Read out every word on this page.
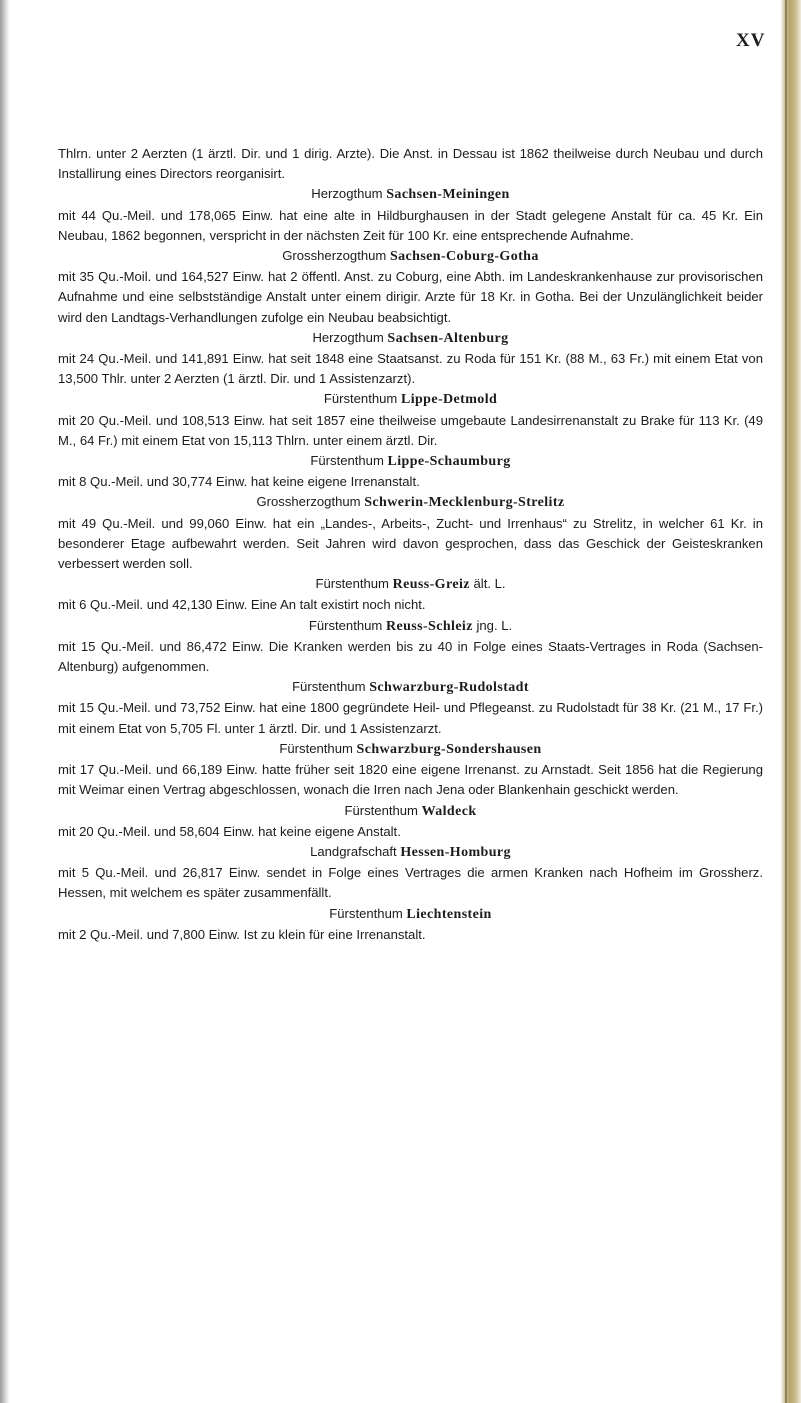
XV

Thlrn. unter 2 Aerzten (1 ärztl. Dir. und 1 dirig. Arzte). Die Anst. in Dessau ist 1862 theilweise durch Neubau und durch Installirung eines Directors reorganisirt.

Herzogthum Sachsen-Meiningen

mit 44 Qu.-Meil. und 178,065 Einw. hat eine alte in Hildburghausen in der Stadt gelegene Anstalt für ca. 45 Kr. Ein Neubau, 1862 begonnen, verspricht in der nächsten Zeit für 100 Kr. eine entsprechende Aufnahme.

Grossherzogthum Sachsen-Coburg-Gotha

mit 35 Qu.-Moil. und 164,527 Einw. hat 2 öffentl. Anst. zu Coburg, eine Abth. im Landeskrankenhause zur provisorischen Aufnahme und eine selbstständige Anstalt unter einem dirigir. Arzte für 18 Kr. in Gotha. Bei der Unzulänglichkeit beider wird den Landtags-Verhandlungen zufolge ein Neubau beabsichtigt.

Herzogthum Sachsen-Altenburg

mit 24 Qu.-Meil. und 141,891 Einw. hat seit 1848 eine Staatsanst. zu Roda für 151 Kr. (88 M., 63 Fr.) mit einem Etat von 13,500 Thlr. unter 2 Aerzten (1 ärztl. Dir. und 1 Assistenzarzt).

Fürstenthum Lippe-Detmold

mit 20 Qu.-Meil. und 108,513 Einw. hat seit 1857 eine theilweise umgebaute Landesirrenanstalt zu Brake für 113 Kr. (49 M., 64 Fr.) mit einem Etat von 15,113 Thlrn. unter einem ärztl. Dir.

Fürstenthum Lippe-Schaumburg

mit 8 Qu.-Meil. und 30,774 Einw. hat keine eigene Irrenanstalt.

Grossherzogthum Schwerin-Mecklenburg-Strelitz

mit 49 Qu.-Meil. und 99,060 Einw. hat ein „Landes-, Arbeits-, Zucht- und Irrenhaus“ zu Strelitz, in welcher 61 Kr. in besonderer Etage aufbewahrt werden. Seit Jahren wird davon gesprochen, dass das Geschick der Geisteskranken verbessert werden soll.

Fürstenthum Reuss-Greiz ält. L.

mit 6 Qu.-Meil. und 42,130 Einw. Eine An talt existirt noch nicht.

Fürstenthum Reuss-Schleiz jng. L.

mit 15 Qu.-Meil. und 86,472 Einw. Die Kranken werden bis zu 40 in Folge eines Staats-Vertrages in Roda (Sachsen-Altenburg) aufgenommen.

Fürstenthum Schwarzburg-Rudolstadt

mit 15 Qu.-Meil. und 73,752 Einw. hat eine 1800 gegründete Heil- und Pflegeanst. zu Rudolstadt für 38 Kr. (21 M., 17 Fr.) mit einem Etat von 5,705 Fl. unter 1 ärztl. Dir. und 1 Assistenzarzt.

Fürstenthum Schwarzburg-Sondershausen

mit 17 Qu.-Meil. und 66,189 Einw. hatte früher seit 1820 eine eigene Irrenanst. zu Arnstadt. Seit 1856 hat die Regierung mit Weimar einen Vertrag abgeschlossen, wonach die Irren nach Jena oder Blankenhain geschickt werden.

Fürstenthum Waldeck

mit 20 Qu.-Meil. und 58,604 Einw. hat keine eigene Anstalt.

Landgrafschaft Hessen-Homburg

mit 5 Qu.-Meil. und 26,817 Einw. sendet in Folge eines Vertrages die armen Kranken nach Hofheim im Grossherz. Hessen, mit welchem es später zusammenfällt.

Fürstenthum Liechtenstein

mit 2 Qu.-Meil. und 7,800 Einw. Ist zu klein für eine Irrenanstalt.
